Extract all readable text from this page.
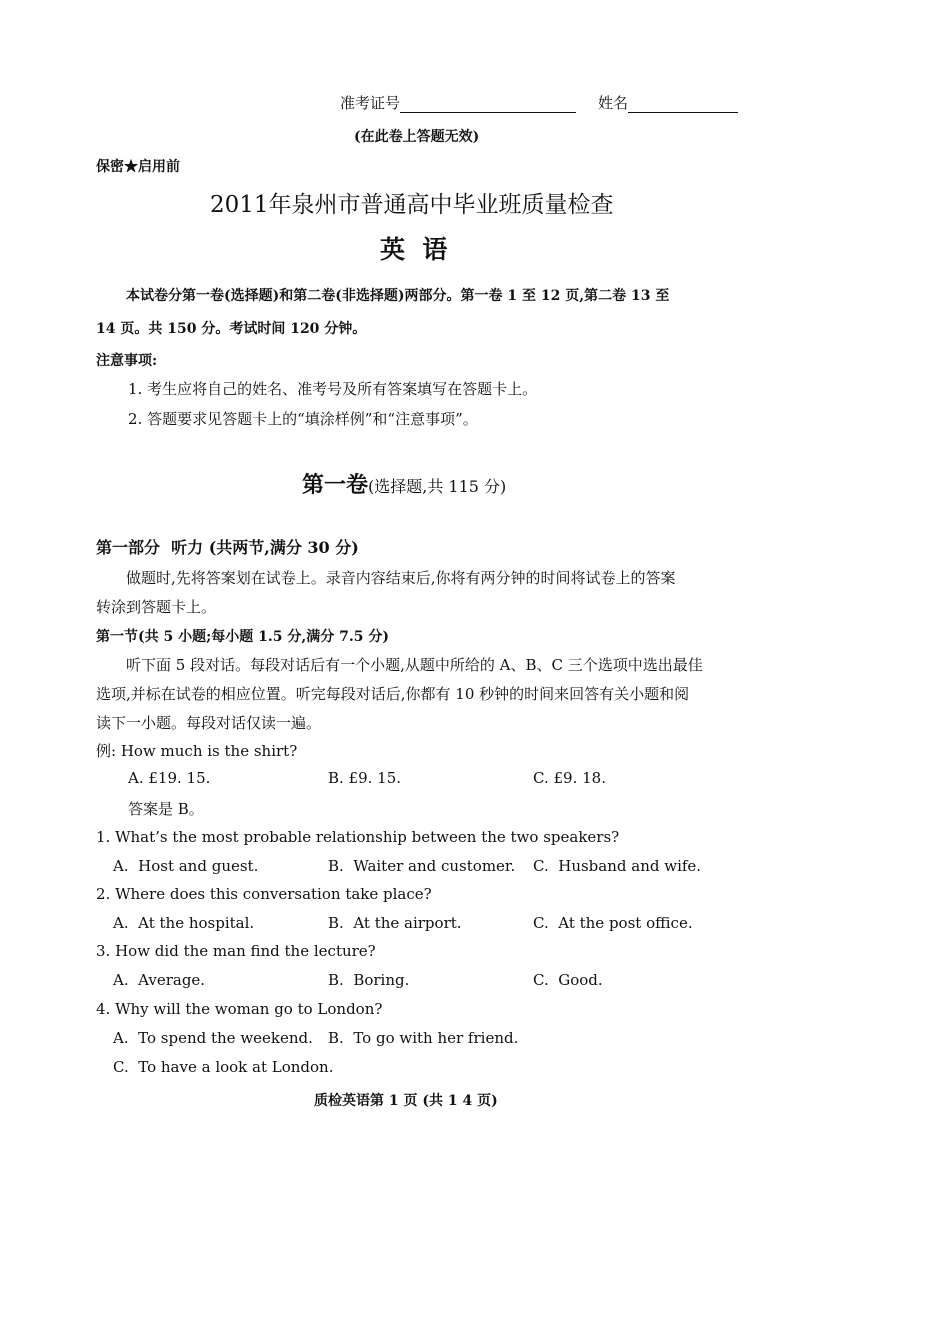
准考证号	姓名
(在此卷上答题无效)
保密★启用前
2011年泉州市普通高中毕业班质量检查
英  语
本试卷分第一卷(选择题)和第二卷(非选择题)两部分。第一卷 1 至 12 页,第二卷 13 至
14 页。共 150 分。考试时间 120 分钟。
注意事项:
1. 考生应将自己的姓名、准考号及所有答案填写在答题卡上。
2. 答题要求见答题卡上的“填涂样例”和“注意事项”。
第一卷(选择题,共 115 分)
第一部分  听力 (共两节,满分 30 分)
做题时,先将答案划在试卷上。录音内容结束后,你将有两分钟的时间将试卷上的答案
转涂到答题卡上。
第一节(共 5 小题;每小题 1.5 分,满分 7.5 分)
听下面 5 段对话。每段对话后有一个小题,从题中所给的 A、B、C 三个选项中选出最佳
选项,并标在试卷的相应位置。听完每段对话后,你都有 10 秒钟的时间来回答有关小题和阅
读下一小题。每段对话仅读一遍。
例: How much is the shirt?
A. £19. 15.	B. £9. 15.	C. £9. 18.
答案是 B。
1. What’s the most probable relationship between the two speakers?
A.  Host and guest.	B.  Waiter and customer. C.  Husband and wife.
2. Where does this conversation take place?
A.  At the hospital.	B.  At the airport.	C.  At the post office.
3. How did the man find the lecture?
A.  Average.	B.  Boring.	C.  Good.
4. Why will the woman go to London?
A.  To spend the weekend. B.  To go with her friend.
C.  To have a look at London.
质检英语第 1 页 (共 1 4 页)
